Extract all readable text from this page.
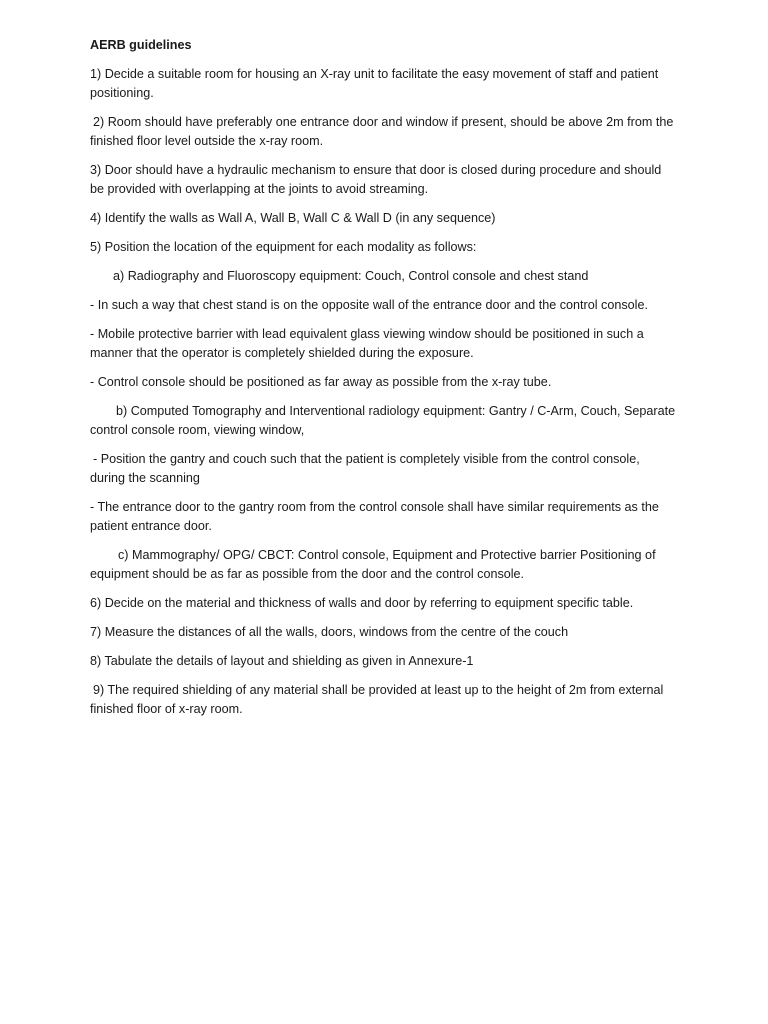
AERB guidelines

1) Decide a suitable room for housing an X-ray unit to facilitate the easy movement of staff and patient positioning.

2) Room should have preferably one entrance door and window if present, should be above 2m from the finished floor level outside the x-ray room.

3) Door should have a hydraulic mechanism to ensure that door is closed during procedure and should be provided with overlapping at the joints to avoid streaming.

4) Identify the walls as Wall A, Wall B, Wall C & Wall D (in any sequence)

5) Position the location of the equipment for each modality as follows:

a) Radiography and Fluoroscopy equipment: Couch, Control console and chest stand

- In such a way that chest stand is on the opposite wall of the entrance door and the control console.

- Mobile protective barrier with lead equivalent glass viewing window should be positioned in such a manner that the operator is completely shielded during the exposure.

- Control console should be positioned as far away as possible from the x-ray tube.

b) Computed Tomography and Interventional radiology equipment: Gantry / C-Arm, Couch, Separate control console room, viewing window,

- Position the gantry and couch such that the patient is completely visible from the control console, during the scanning

- The entrance door to the gantry room from the control console shall have similar requirements as the patient entrance door.

c) Mammography/ OPG/ CBCT: Control console, Equipment and Protective barrier Positioning of equipment should be as far as possible from the door and the control console.

6) Decide on the material and thickness of walls and door by referring to equipment specific table.

7) Measure the distances of all the walls, doors, windows from the centre of the couch

8) Tabulate the details of layout and shielding as given in Annexure-1

9) The required shielding of any material shall be provided at least up to the height of 2m from external finished floor of x-ray room.
